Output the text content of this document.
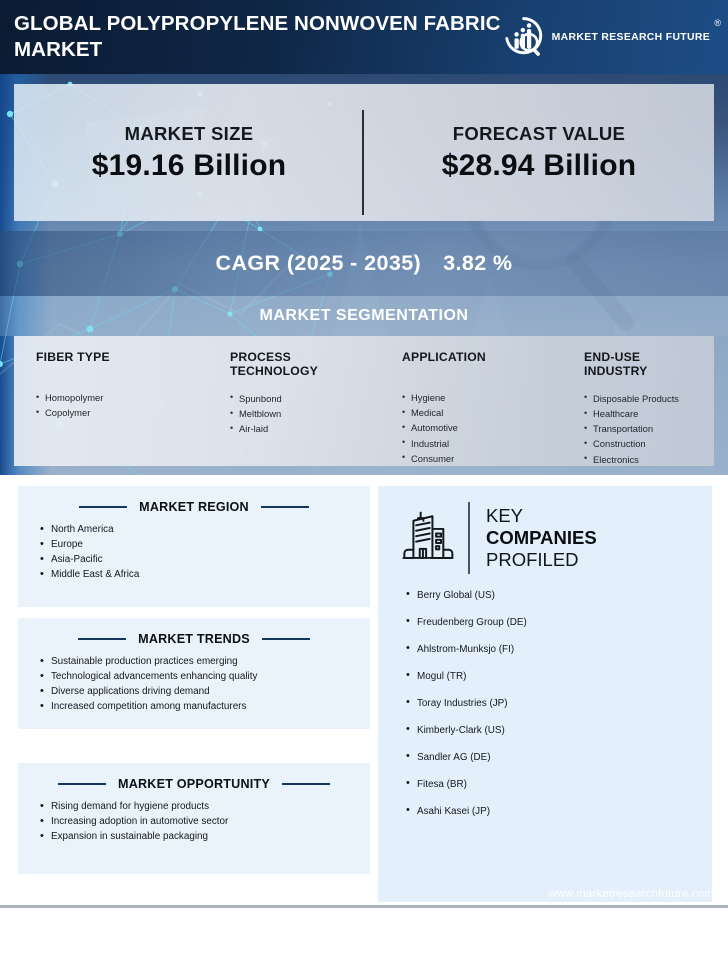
GLOBAL POLYPROPYLENE NONWOVEN FABRIC MARKET
MARKET RESEARCH FUTURE
®
MARKET SIZE
$19.16 Billion
FORECAST VALUE
$28.94 Billion
CAGR (2025 - 2035) 3.82 %
MARKET SEGMENTATION
FIBER TYPE
• Homopolymer
• Copolymer
PROCESS
TECHNOLOGY
• Spunbond
• Meltblown
• Air-laid
APPLICATION
• Hygiene
• Medical
• Automotive
• Industrial
• Consumer
END-USE
INDUSTRY
• Disposable Products
• Healthcare
• Transportation
• Construction
• Electronics
MARKET REGION
• North America
• Europe
• Asia-Pacific
• Middle East & Africa
MARKET TRENDS
• Sustainable production practices emerging
• Technological advancements enhancing quality
• Diverse applications driving demand
• Increased competition among manufacturers
MARKET OPPORTUNITY
• Rising demand for hygiene products
• Increasing adoption in automotive sector
• Expansion in sustainable packaging
KEY
COMPANIES
PROFILED
• Berry Global (US)
• Freudenberg Group (DE)
• Ahlstrom-Munksjo (FI)
• Mogul (TR)
• Toray Industries (JP)
• Kimberly-Clark (US)
• Sandler AG (DE)
• Fitesa (BR)
• Asahi Kasei (JP)
Copyright @ 2025 Market Research Future	www.marketresearchfuture.com
Copyright @ 2026 Market Research Future	www.marketresearchfuture.com
